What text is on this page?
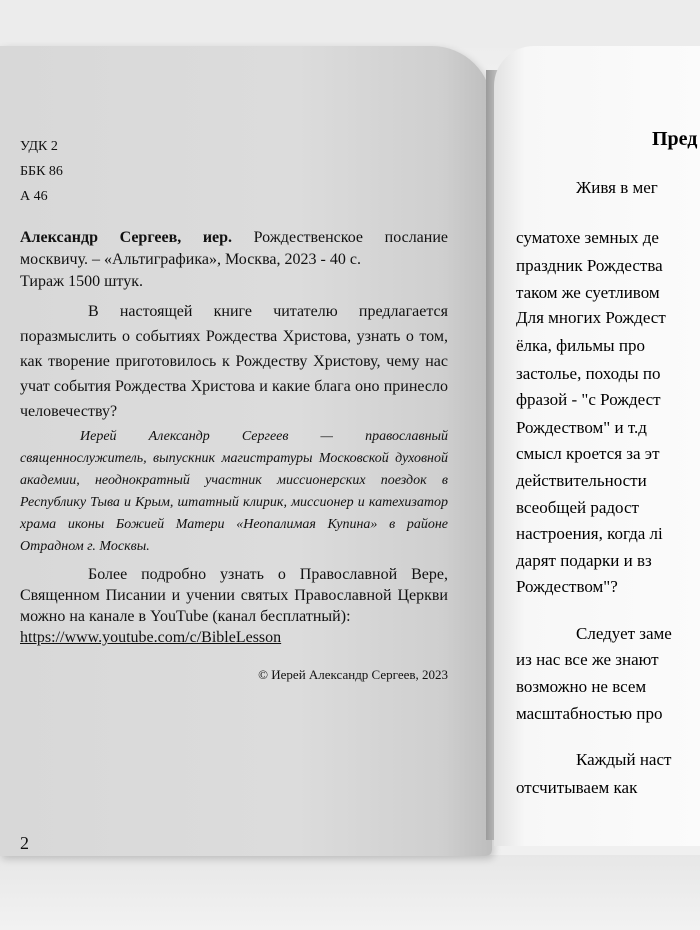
УДК 2
ББК 86
А 46
Александр Сергеев, иер. Рождественское послание москвичу. – «Альтиграфика», Москва, 2023 - 40 с.
Тираж 1500 штук.
В настоящей книге читателю предлагается поразмыслить о событиях Рождества Христова, узнать о том, как творение приготовилось к Рождеству Христову, чему нас учат события Рождества Христова и какие блага оно принесло человечеству?
Иерей Александр Сергеев — православный священнослужитель, выпускник магистратуры Московской духовной академии, неоднократный участник миссионерских поездок в Республику Тыва и Крым, штатный клирик, миссионер и катехизатор храма иконы Божией Матери «Неопалимая Купина» в районе Отрадном г. Москвы.
Более подробно узнать о Православной Вере, Священном Писании и учении святых Православной Церкви можно на канале в YouTube (канал бесплатный):
https://www.youtube.com/c/BibleLesson
© Иерей Александр Сергеев, 2023
2
Пред
Живя в мег
суматохе земных де
праздник Рождества
таком же суетливом
Для многих Рождест
ёлка, фильмы про
застолье, походы по
фразой - "с Рождест
Рождеством" и т.д
смысл кроется за эт
действительности
всеобщей радост
настроения, когда лі
дарят подарки и вз
Рождеством"?
Следует заме
из нас все же знают
возможно не всем
масштабностью про
Каждый наст
отсчитываем как
